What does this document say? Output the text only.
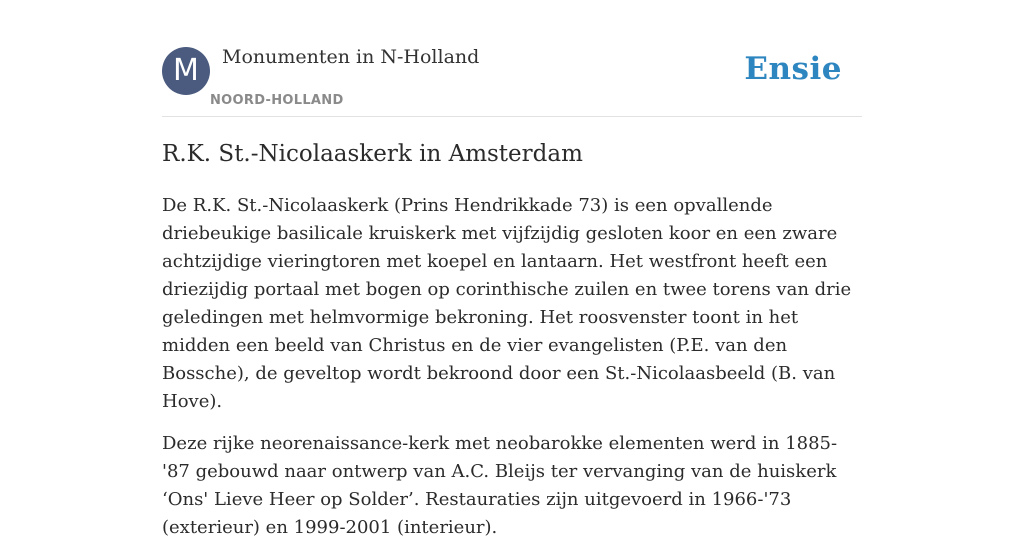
M	Monumenten in N-Holland
NOORD-HOLLAND
Ensie
R.K. St.-Nicolaaskerk in Amsterdam

De R.K. St.-Nicolaaskerk (Prins Hendrikkade 73) is een opvallende driebeukige basilicale kruiskerk met vijfzijdig gesloten koor en een zware achtzijdige vieringtoren met koepel en lantaarn. Het westfront heeft een driezijdig portaal met bogen op corinthische zuilen en twee torens van drie geledingen met helmvormige bekroning. Het roosvenster toont in het midden een beeld van Christus en de vier evangelisten (P.E. van den Bossche), de geveltop wordt bekroond door een St.-Nicolaasbeeld (B. van Hove).

Deze rijke neorenaissance-kerk met neobarokke elementen werd in 1885-'87 gebouwd naar ontwerp van A.C. Bleijs ter vervanging van de huiskerk ‘Ons' Lieve Heer op Solder’. Restauraties zijn uitgevoerd in 1966-'73 (exterieur) en 1999-2001 (interieur).
